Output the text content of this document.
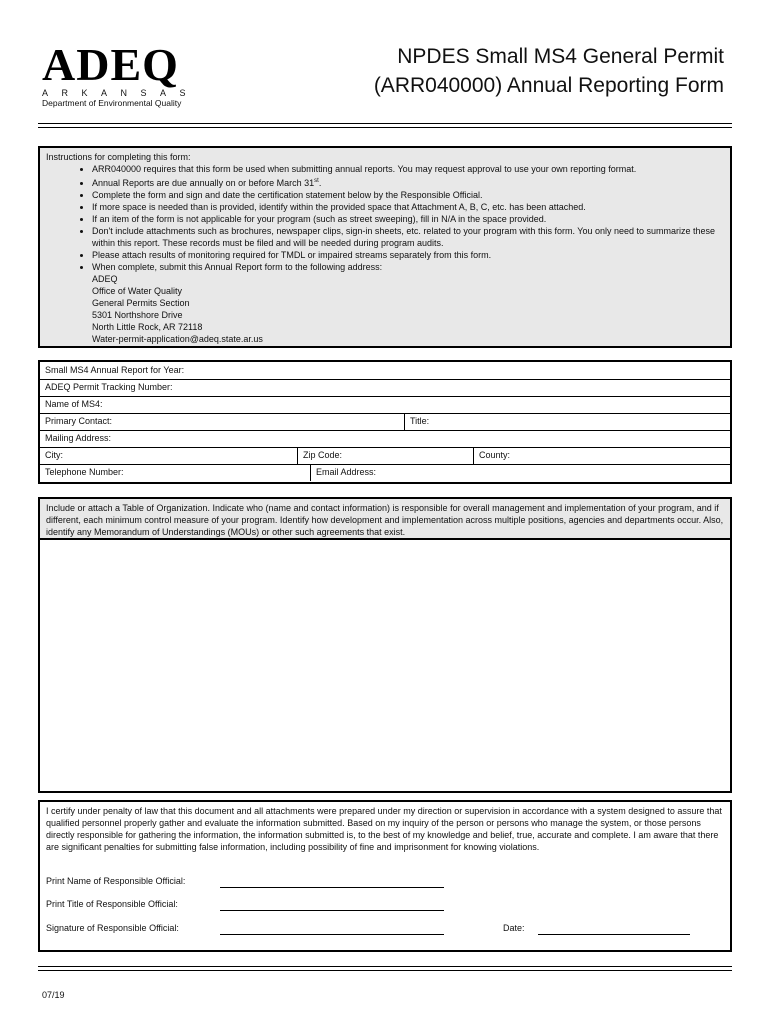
ADEQ
ARKANSAS
Department of Environmental Quality
NPDES Small MS4 General Permit
(ARR040000) Annual Reporting Form
Instructions for completing this form:
• ARR040000 requires that this form be used when submitting annual reports. You may request approval to use your own reporting format.
• Annual Reports are due annually on or before March 31st.
• Complete the form and sign and date the certification statement below by the Responsible Official.
• If more space is needed than is provided, identify within the provided space that Attachment A, B, C, etc. has been attached.
• If an item of the form is not applicable for your program (such as street sweeping), fill in N/A in the space provided.
• Don't include attachments such as brochures, newspaper clips, sign-in sheets, etc. related to your program with this form. You only need to summarize these within this report. These records must be filed and will be needed during program audits.
• Please attach results of monitoring required for TMDL or impaired streams separately from this form.
• When complete, submit this Annual Report form to the following address:
ADEQ
Office of Water Quality
General Permits Section
5301 Northshore Drive
North Little Rock, AR 72118
Water-permit-application@adeq.state.ar.us
Small MS4 Annual Report for Year:
ADEQ Permit Tracking Number:
Name of MS4:
Primary Contact:	Title:
Mailing Address:
City:	Zip Code:	County:
Telephone Number:	Email Address:
Include or attach a Table of Organization. Indicate who (name and contact information) is responsible for overall management and implementation of your program, and if different, each minimum control measure of your program. Identify how development and implementation across multiple positions, agencies and departments occur. Also, identify any Memorandum of Understandings (MOUs) or other such agreements that exist.
I certify under penalty of law that this document and all attachments were prepared under my direction or supervision in accordance with a system designed to assure that qualified personnel properly gather and evaluate the information submitted. Based on my inquiry of the person or persons who manage the system, or those persons directly responsible for gathering the information, the information submitted is, to the best of my knowledge and belief, true, accurate and complete. I am aware that there are significant penalties for submitting false information, including possibility of fine and imprisonment for knowing violations.
Print Name of Responsible Official:
Print Title of Responsible Official:
Signature of Responsible Official:	Date:
07/19
